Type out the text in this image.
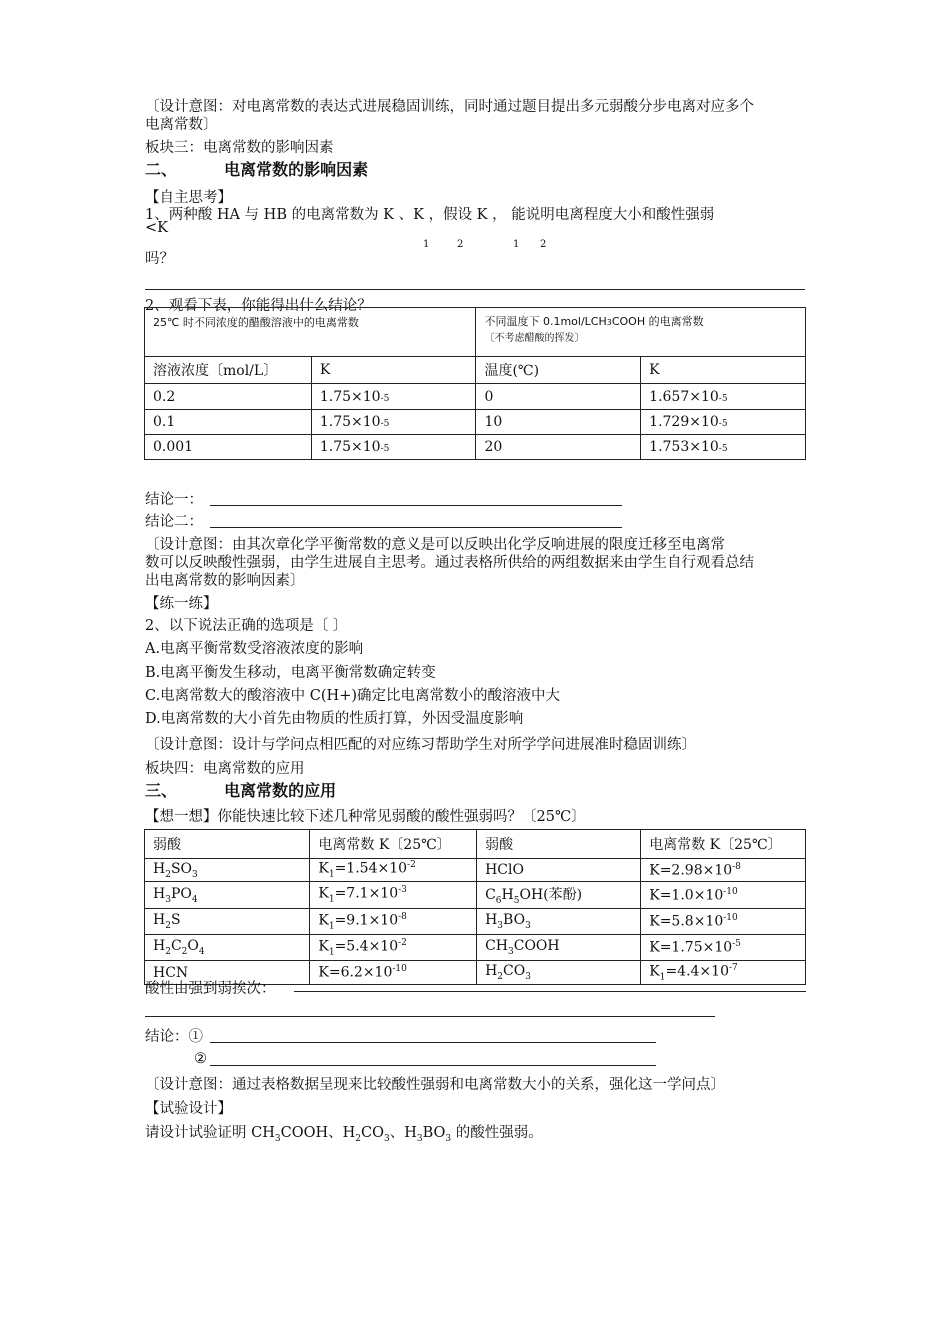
〔设计意图：对电离常数的表达式进展稳固训练，同时通过题目提出多元弱酸分步电离对应多个
电离常数〕
板块三：电离常数的影响因素
二、	电离常数的影响因素
【自主思考】
1、两种酸 HA 与 HB 的电离常数为 K 、K ，假设 K ， 能说明电离程度大小和酸性强弱
<K
1	2	1 2
吗？
2、观看下表，你能得出什么结论？
25℃ 时不同浓度的醋酸溶液中的电离常数		不同温度下 0.1mol/LCH3COOH 的电离常数
〔不考虑醋酸的挥发〕	
溶液浓度〔mol/L〕	K	温度(℃)	K
0.2	1.75×10-5	0	1.657×10-5
0.1	1.75×10-5	10	1.729×10-5
0.001	1.75×10-5	20	1.753×10-5
结论一：
结论二：
〔设计意图：由其次章化学平衡常数的意义是可以反映出化学反响进展的限度迁移至电离常
数可以反映酸性强弱，由学生进展自主思考。通过表格所供给的两组数据来由学生自行观看总结
出电离常数的影响因素〕
【练一练】
2、以下说法正确的选项是〔 〕
A.电离平衡常数受溶液浓度的影响
B.电离平衡发生移动，电离平衡常数确定转变
C.电离常数大的酸溶液中 C(H+)确定比电离常数小的酸溶液中大
D.电离常数的大小首先由物质的性质打算，外因受温度影响
〔设计意图：设计与学问点相匹配的对应练习帮助学生对所学学问进展准时稳固训练〕
板块四：电离常数的应用
三、	电离常数的应用
【想一想】你能快速比较下述几种常见弱酸的酸性强弱吗？〔25℃〕
弱酸	电离常数 K〔25℃〕	弱酸	电离常数 K〔25℃〕
$H_2SO_3$	$K_1=1.54\times 10^{-2}$	HClO	$K=2.98\times 10^{-8}$
$H_3PO_4$	$K_1=7.1\times 10^{-3}$	$C_6H_5OH$(苯酚)	$K=1.0\times 10^{-10}$
$H_2S$	$K_1=9.1\times 10^{-8}$	$H_3BO_3$	$K=5.8\times 10^{-10}$
$H_2C_2O_4$	$K_1=5.4\times 10^{-2}$	$CH_3COOH$	$K=1.75\times 10^{-5}$
HCN	$K=6.2\times 10^{-10}$	$H_2CO_3$	$K_1=4.4\times 10^{-7}$
酸性由强到弱挨次：
结论：①
②
〔设计意图：通过表格数据呈现来比较酸性强弱和电离常数大小的关系，强化这一学问点〕
【试验设计】
请设计试验证明 $CH_3COOH$、$H_2CO_3$、$H_3BO_3$ 的酸性强弱。
